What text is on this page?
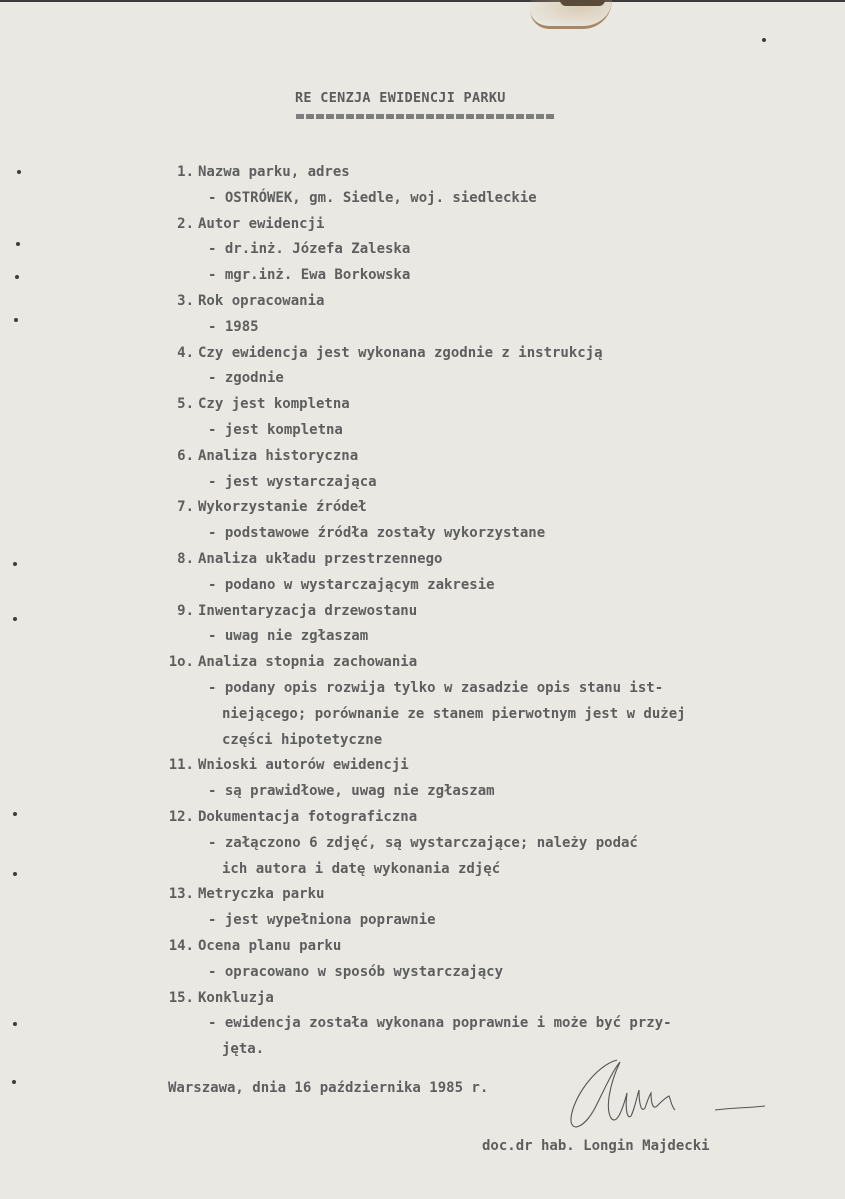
RE CENZJA EWIDENCJI PARKU
1. Nazwa parku, adres
- OSTRÓWEK, gm. Siedle, woj. siedleckie
2. Autor ewidencji
- dr.inż. Józefa Zaleska
- mgr.inż. Ewa Borkowska
3. Rok opracowania
- 1985
4. Czy ewidencja jest wykonana zgodnie z instrukcją
- zgodnie
5. Czy jest kompletna
- jest kompletna
6. Analiza historyczna
- jest wystarczająca
7. Wykorzystanie źródeł
- podstawowe źródła zostały wykorzystane
8. Analiza układu przestrzennego
- podano w wystarczającym zakresie
9. Inwentaryzacja drzewostanu
- uwag nie zgłaszam
1o. Analiza stopnia zachowania
- podany opis rozwija tylko w zasadzie opis stanu ist-
niejącego; porównanie ze stanem pierwotnym jest w dużej
części hipotetyczne
11. Wnioski autorów ewidencji
- są prawidłowe, uwag nie zgłaszam
12. Dokumentacja fotograficzna
- załączono 6 zdjęć, są wystarczające; należy podać
ich autora i datę wykonania zdjęć
13. Metryczka parku
- jest wypełniona poprawnie
14. Ocena planu parku
- opracowano w sposób wystarczający
15. Konkluzja
- ewidencja została wykonana poprawnie i może być przy-
jęta.
Warszawa, dnia 16 października 1985 r.
doc.dr hab. Longin Majdecki
